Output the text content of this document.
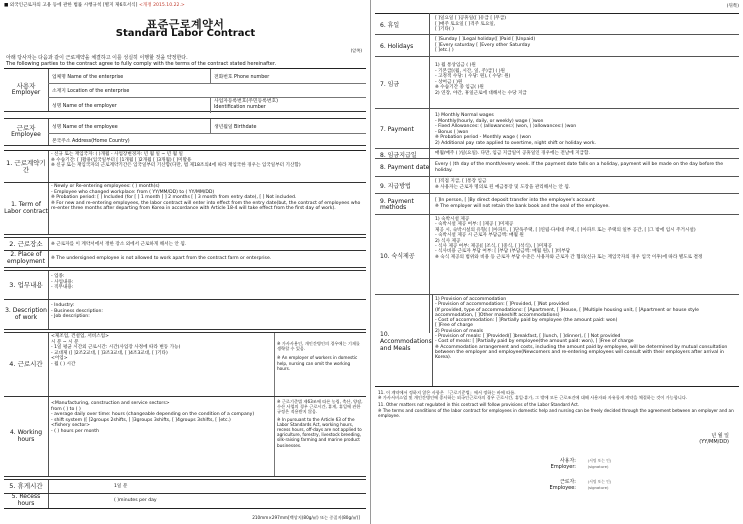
■ 외국인근로자의 고용 등에 관한 법률 시행규칙 [별지 제6호서식] <개정 2015.10.22.>
표준근로계약서
Standard Labor Contract
(앞쪽)
아래 당사자는 다음과 같이 근로계약을 체결하고 이를 성실히 이행할 것을 약정한다.
The following parties to the contract agree to fully comply with the terms of the contract stated hereinafter.
사용자
Employer
업체명 Name of the enterprise	전화번호 Phone number
소재지 Location of the enterprise
성명 Name of the employer
사업자등록번호(주민등록번호) Identification number
근로자
Employee
성명 Name of the employee	생년월일 Birthdate
본국주소 Address(Home Country)
1. 근로계약기간
- 신규 또는 재입국자: ( )개월 - 사업장변경자: 년 월 일 ~ 년 월 일
※ 수습기간: [ ]활용(입국일부터 [ ]1개월 [ ]2개월 [ ]3개월) [ ]미활용
※ 신규 또는 재입국자의 근로계약기간은 입국일부터 기산함(다만, 법 제18조의4에 따라 재입국한 경우는 입국일부터 기산함)
1. Term of Labor contract
- Newly or Re-entering employees: ( ) month(s)
- Employee who changed workplace: from ( YY/MM/DD) to ( YY/MM/DD)
※ Probation period: [ ] Included (for [ ] 1 month [ ] 2 months [ ] 3 month from entry date), [ ] Not included.
※ For new and re-entering employees, the labor contract will enter into effect from the entry date(but, the contract of employees who re-enter three months after departing from Korea in accordance with Article 18-4 will take effect from the first day of work).
2. 근로장소 ※ 근로자를 이 계약서에서 정한 장소 외에서 근로하게 해서는 안 됨.
2. Place of employment	※ The undersigned employee is not allowed to work apart from the contract farm or enterprise.
3. 업무내용
- 업종:
- 사업내용:
- 직무내용:
3. Description of work
- Industry:
- Business description:
- Job description:
4. 근로시간
<제조업, 건설업, 서비스업>
시 분 ~ 시 분
- 1일 평균 시간외 근로시간: 시간(사업장 사정에 따라 변동 가능)
- 교대제 ([ ]2조2교대, [ ]3조3교대, [ ]4조3교대, [ ]기타)
<어업>
- 월 ( ) 시간
※ 가사사용인, 개인간병인의 경우에는 기재를 생략할 수 있음.
※ An employer of workers in domestic help, nursing can omit the working hours.
4. Working hours
<Manufacturing, construction and service sectors>
from ( ) to ( )
- average daily over time: hours (changeable depending on the condition of a company)
- shift system ([ ]2groups 2shifts, [ ]3groups 3shifts, [ ]4groups 3shifts, [ ]etc.)
<fishery sector>
- ( ) hours per month
※ 근로기준법 제63조에 따른 농림, 축산, 양잠, 수산 사업의 경우 근로시간, 휴게, 휴일에 관한 규정은 적용받지 않음.
※ In pursuant to the Article 63 of the Labor Standards Act, working hours, recess hours, off-days are not applied to agriculture, forestry, livestock breeding, silk-raising farming and marine product businesses.
5. 휴게시간	1일 분
5. Recess hours	( )minutes per day
210mm×297mm[백상지(80g/㎡) 또는 중질지(80g/㎡)]
(뒤쪽)
6. 휴일
[ ]일요일 [ ]공휴일([ ]유급 [ ]무급)
[ ]매주 토요일 [ ]격주 토요일,
[ ]기타( )
6. Holidays
[ ]Sunday [ ]Legal holiday([ ]Paid [ ]Unpaid)
[ ]Every saturday [ ]Every other Saturday
[ ]etc.( )
7. 임금
1) 월 통상임금 ( )원
- 기본급[(월, 시간, 일, 주)급] ( )원
- 고정적 수당: ( 수당: 원), ( 수당: 원)
- 상여금 ( )원
※ 수습기간 중 임금( )원
2) 연장, 야간, 휴일근로에 대해서는 수당 지급
7. Payment
1) Monthly Normal wages
- Monthly(hourly, daily, or weekly) wage ( )won
- Fixed Allowances: ( )allowances:( )won, ( )allowances:( )won
- Bonus ( )won
※ Probation period - Monthly wage ( )won
2) Additional pay rate applied to overtime, night shift or holiday work.
8. 임금지급일	매월/매주 ( )일(요일). 다만, 임금 지급일이 공휴일인 경우에는 전날에 지급함.
8. Payment date	Every ( )th day of the month/every week. If the payment date falls on a holiday, payment will be made on the day before the holiday.
9. 지급방법
[ ]직접 지급, [ ]통장 입금
※ 사용자는 근로자 명의로 된 예금통장 및 도장을 관리해서는 안 됨.
9. Payment methods
[ ]In person, [ ]By direct deposit transfer into the employee's account
※ The employer will not retain the bank book and the seal of the employee.
10. 숙식제공
1) 숙박시설 제공
- 숙박시설 제공 여부: [ ]제공 [ ]미제공
제공 시, 숙박시설의 유형( [ ]아파트, [ ]단독주택, [ ]연립·다세대 주택, [ ]아파트 또는 주택의 일부 공간, [ ]그 밖에 임시 주거시설)
- 숙박시설 제공 시 근로자 부담금액: 매월 원
2) 식사 제공
- 식사 제공 여부: 제공([ ]조식, [ ]중식, [ ]석식), [ ]미제공
- 식사비용 근로자 부담 여부: [ ]부담 (부담금액: 매월 원), [ ]비부담
※ 숙식 제공의 범위와 비용 등 근로자 부담 수준은 사용자와 근로자 간 협의(신규 또는 재입국자의 경우 입국 이후)에 따라 별도로 결정
10. Accommodations and Meals
1) Provision of accommodation
- Provision of accommodation: [ ]Provided, [ ]Not provided
(If provided, type of accommodations: [ ]Apartment, [ ]House, [ ]Multiple housing unit, [ ]Apartment or house style accommodation, [ ]Other makeshift accommodations)
- Cost of accommodation: [ ]Partially paid by employee (the amount paid: won)
[ ]Free of charge
2) Provision of meals
- Provision of meals: [ ]Provided([ ]breakfast, [ ]lunch, [ ]dinner), [ ] Not provided
- Cost of meals: [ ]Partially paid by employee(the amount paid: won), [ ]Free of charge
※ Accommodation arrangement and costs, including the amount paid by employee, will be determined by mutual consultation between the employer and employee(Newcomers and re-entering employees will consult with their employers after arrival in Korea).
11. 이 계약에서 정하지 않은 사항은 「근로기준법」에서 정하는 바에 따름.
※ 가사서비스업 및 개인간병인에 종사하는 외국인근로자의 경우 근로시간, 휴일·휴가, 그 밖에 모든 근로조건에 대해 사용자와 자유롭게 계약을 체결하는 것이 가능합니다.
11. Other matters not regulated in this contract will follow provisions of the Labor Standard Act.
※ The terms and conditions of the labor contract for employees in domestic help and nursing can be freely decided through the agreement between an employer and an employee.
년 월 일
(YY/MM/DD)
사용자:	(서명 또는 인)
Employer:	(signature)
근로자:	(서명 또는 인)
Employee:	(signature)
